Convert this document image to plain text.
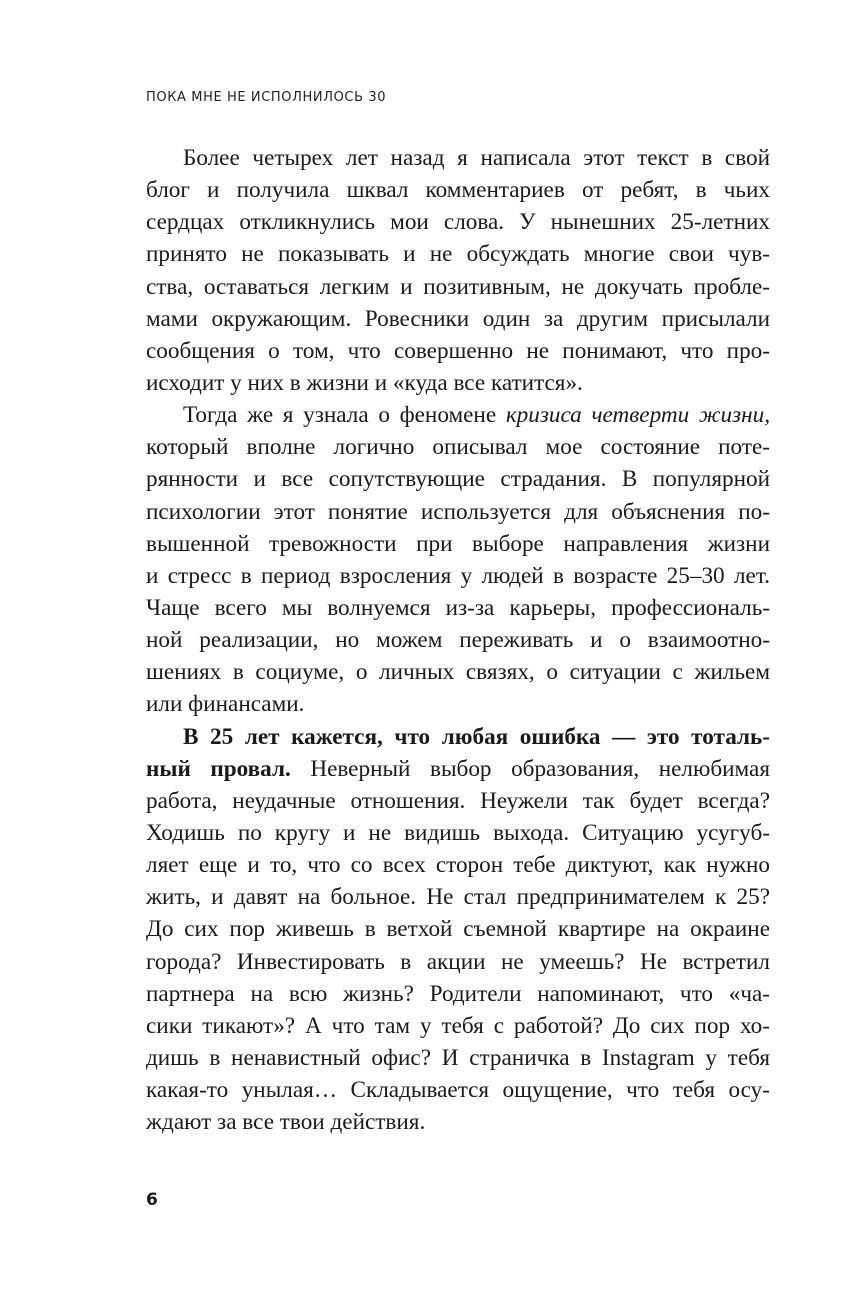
ПОКА МНЕ НЕ ИСПОЛНИЛОСЬ 30
Более четырех лет назад я написала этот текст в свой
блог и получила шквал комментариев от ребят, в чьих
сердцах откликнулись мои слова. У нынешних 25-летних
принято не показывать и не обсуждать многие свои чув-
ства, оставаться легким и позитивным, не докучать пробле-
мами окружающим. Ровесники один за другим присылали
сообщения о том, что совершенно не понимают, что про-
исходит у них в жизни и «куда все катится».
Тогда же я узнала о феномене кризиса четверти жизни,
который вполне логично описывал мое состояние поте-
рянности и все сопутствующие страдания. В популярной
психологии этот понятие используется для объяснения по-
вышенной тревожности при выборе направления жизни
и стресс в период взросления у людей в возрасте 25–30 лет.
Чаще всего мы волнуемся из-за карьеры, профессиональ-
ной реализации, но можем переживать и о взаимоотно-
шениях в социуме, о личных связях, о ситуации с жильем
или финансами.
В 25 лет кажется, что любая ошибка — это тоталь-
ный провал. Неверный выбор образования, нелюбимая
работа, неудачные отношения. Неужели так будет всегда?
Ходишь по кругу и не видишь выхода. Ситуацию усугуб-
ляет еще и то, что со всех сторон тебе диктуют, как нужно
жить, и давят на больное. Не стал предпринимателем к 25?
До сих пор живешь в ветхой съемной квартире на окраине
города? Инвестировать в акции не умеешь? Не встретил
партнера на всю жизнь? Родители напоминают, что «ча-
сики тикают»? А что там у тебя с работой? До сих пор хо-
дишь в ненавистный офис? И страничка в Instagram у тебя
какая-то унылая… Складывается ощущение, что тебя осу-
ждают за все твои действия.
6
